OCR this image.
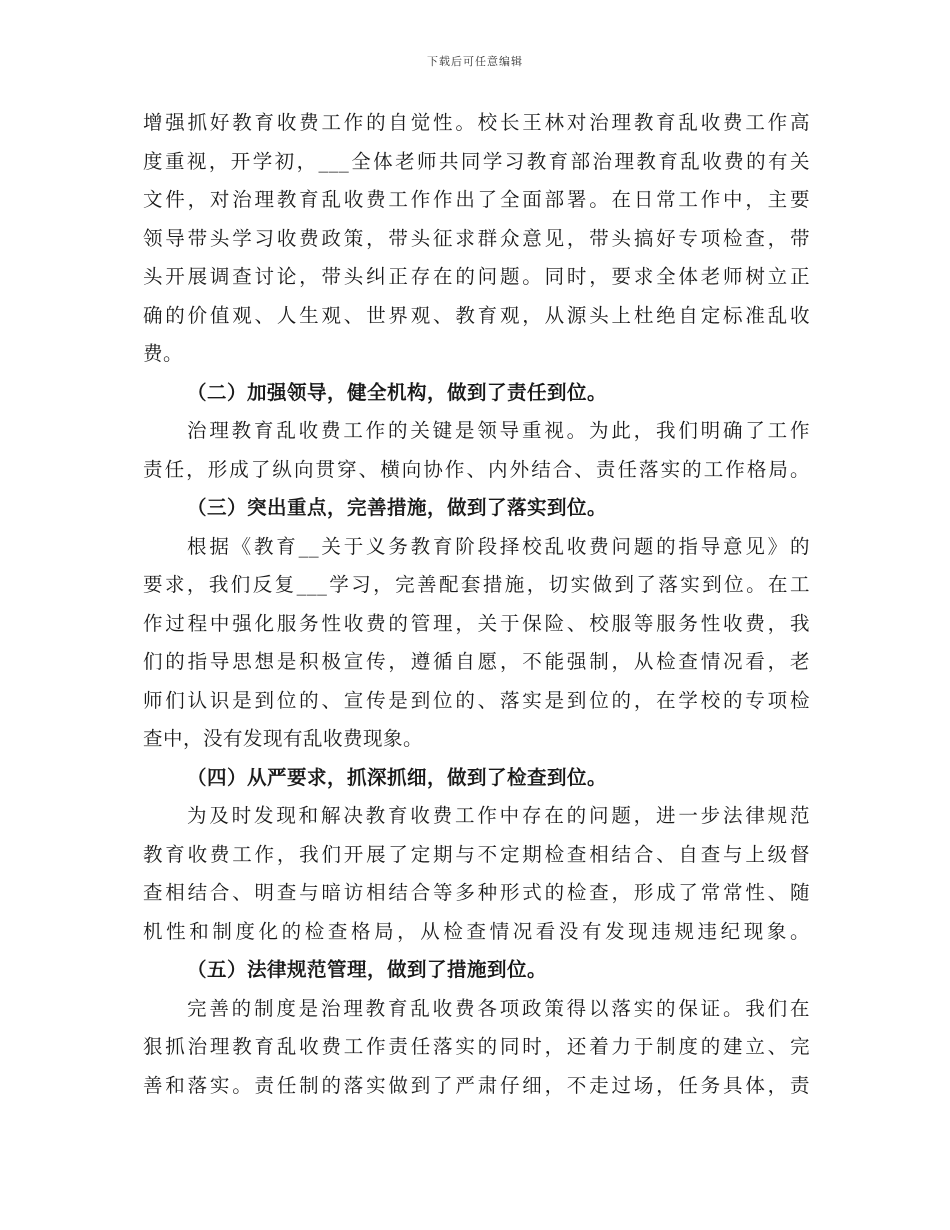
下载后可任意编辑
增强抓好教育收费工作的自觉性。校长王林对治理教育乱收费工作高
度重视，开学初，___全体老师共同学习教育部治理教育乱收费的有关
文件，对治理教育乱收费工作作出了全面部署。在日常工作中，主要
领导带头学习收费政策，带头征求群众意见，带头搞好专项检查，带
头开展调查讨论，带头纠正存在的问题。同时，要求全体老师树立正
确的价值观、人生观、世界观、教育观，从源头上杜绝自定标准乱收
费。
（二）加强领导，健全机构，做到了责任到位。
治理教育乱收费工作的关键是领导重视。为此，我们明确了工作
责任，形成了纵向贯穿、横向协作、内外结合、责任落实的工作格局。
（三）突出重点，完善措施，做到了落实到位。
根据《教育__关于义务教育阶段择校乱收费问题的指导意见》的
要求，我们反复___学习，完善配套措施，切实做到了落实到位。在工
作过程中强化服务性收费的管理，关于保险、校服等服务性收费，我
们的指导思想是积极宣传，遵循自愿，不能强制，从检查情况看，老
师们认识是到位的、宣传是到位的、落实是到位的，在学校的专项检
查中，没有发现有乱收费现象。
（四）从严要求，抓深抓细，做到了检查到位。
为及时发现和解决教育收费工作中存在的问题，进一步法律规范
教育收费工作，我们开展了定期与不定期检查相结合、自查与上级督
查相结合、明查与暗访相结合等多种形式的检查，形成了常常性、随
机性和制度化的检查格局，从检查情况看没有发现违规违纪现象。
（五）法律规范管理，做到了措施到位。
完善的制度是治理教育乱收费各项政策得以落实的保证。我们在
狠抓治理教育乱收费工作责任落实的同时，还着力于制度的建立、完
善和落实。责任制的落实做到了严肃仔细，不走过场，任务具体，责
